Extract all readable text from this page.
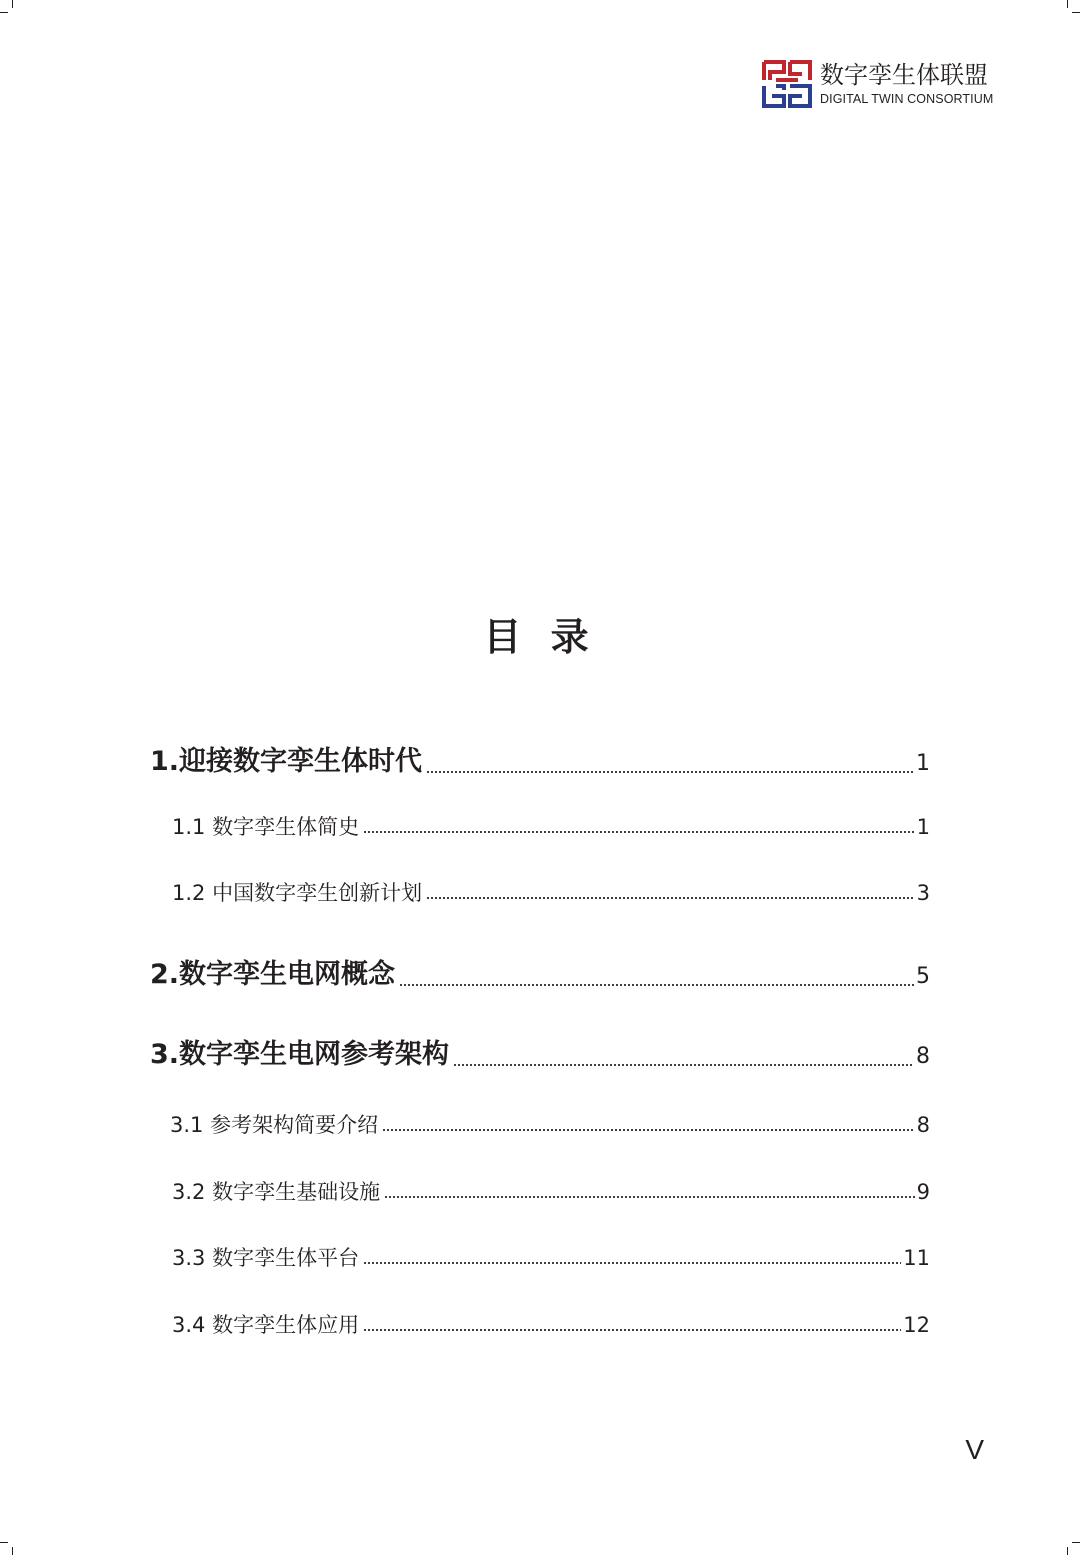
数字孪生体联盟
DIGITAL TWIN CONSORTIUM
目 录
1.迎接数字孪生体时代	1
1.1 数字孪生体简史	1
1.2 中国数字孪生创新计划	3
2.数字孪生电网概念	5
3.数字孪生电网参考架构	8
3.1 参考架构简要介绍	8
3.2 数字孪生基础设施	9
3.3 数字孪生体平台	11
3.4 数字孪生体应用	12
V
